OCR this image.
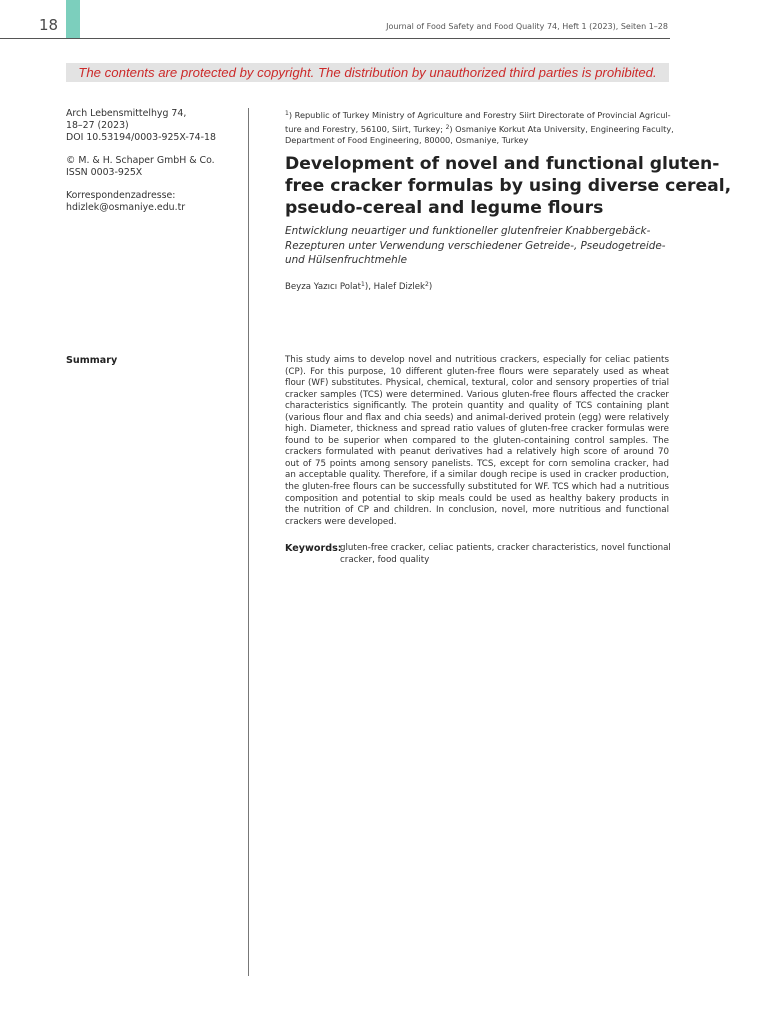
18	Journal of Food Safety and Food Quality 74, Heft 1 (2023), Seiten 1–28
The contents are protected by copyright. The distribution by unauthorized third parties is prohibited.
Arch Lebensmittelhyg 74,
18–27 (2023)
DOI 10.53194/0003-925X-74-18
© M. & H. Schaper GmbH & Co.
ISSN 0003-925X
Korrespondenzadresse:
hdizlek@osmaniye.edu.tr
$^1$) Republic of Turkey Ministry of Agriculture and Forestry Siirt Directorate of Provincial Agricul-
ture and Forestry, 56100, Siirt, Turkey; $^2$) Osmaniye Korkut Ata University, Engineering Faculty,
Department of Food Engineering, 80000, Osmaniye, Turkey
Development of novel and functional gluten-
free cracker formulas by using diverse cereal,
pseudo-cereal and legume flours
Entwicklung neuartiger und funktioneller glutenfreier Knabbergebäck-
Rezepturen unter Verwendung verschiedener Getreide-, Pseudogetreide-
und Hülsenfruchtmehle
Beyza Yazıcı Polat$^1$), Halef Dizlek$^2$)
Summary	This study aims to develop novel and nutritious crackers, especially for celiac patients
(CP). For this purpose, 10 different gluten-free flours were separately used as wheat
flour (WF) substitutes. Physical, chemical, textural, color and sensory properties of trial
cracker samples (TCS) were determined. Various gluten-free flours affected the cracker
characteristics significantly. The protein quantity and quality of TCS containing plant
(various flour and flax and chia seeds) and animal-derived protein (egg) were relatively
high. Diameter, thickness and spread ratio values of gluten-free cracker formulas were
found to be superior when compared to the gluten-containing control samples. The
crackers formulated with peanut derivatives had a relatively high score of around 70
out of 75 points among sensory panelists. TCS, except for corn semolina cracker, had
an acceptable quality. Therefore, if a similar dough recipe is used in cracker production,
the gluten-free flours can be successfully substituted for WF. TCS which had a nutritious
composition and potential to skip meals could be used as healthy bakery products in
the nutrition of CP and children. In conclusion, novel, more nutritious and functional
crackers were developed.
Keywords:
gluten-free cracker, celiac patients, cracker characteristics, novel functional
cracker, food quality
